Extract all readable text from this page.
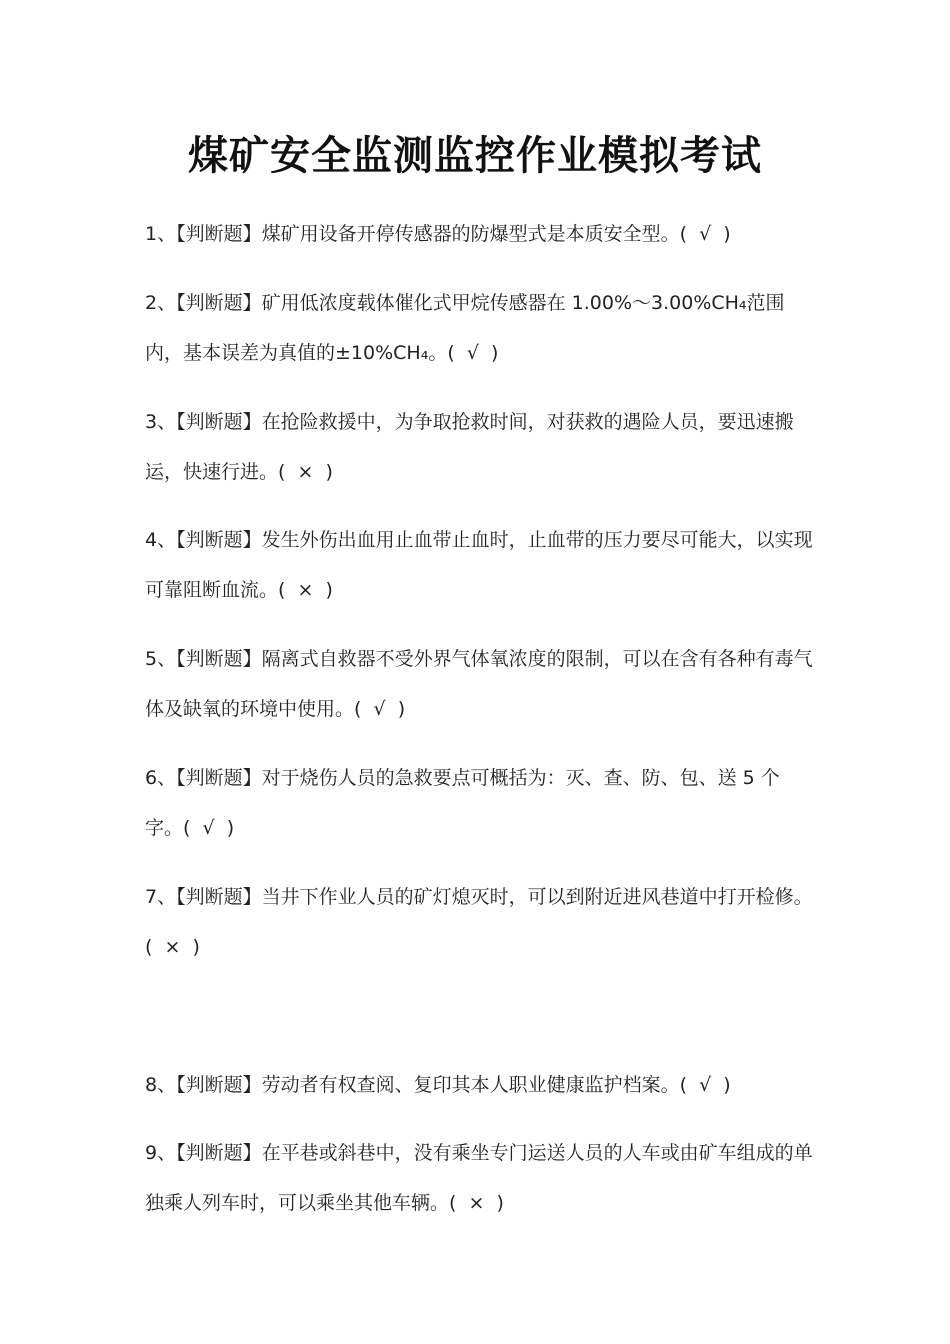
煤矿安全监测监控作业模拟考试
1、【判断题】煤矿用设备开停传感器的防爆型式是本质安全型。(  √  )
2、【判断题】矿用低浓度载体催化式甲烷传感器在 1.00%～3.00%CH₄范围内，基本误差为真值的±10%CH₄。(  √  )
3、【判断题】在抢险救援中，为争取抢救时间，对获救的遇险人员，要迅速搬运，快速行进。(  ×  )
4、【判断题】发生外伤出血用止血带止血时，止血带的压力要尽可能大，以实现可靠阻断血流。(  ×  )
5、【判断题】隔离式自救器不受外界气体氧浓度的限制，可以在含有各种有毒气体及缺氧的环境中使用。(  √  )
6、【判断题】对于烧伤人员的急救要点可概括为：灭、查、防、包、送 5 个字。(  √  )
7、【判断题】当井下作业人员的矿灯熄灭时，可以到附近进风巷道中打开检修。(  ×  )
8、【判断题】劳动者有权查阅、复印其本人职业健康监护档案。(  √  )
9、【判断题】在平巷或斜巷中，没有乘坐专门运送人员的人车或由矿车组成的单独乘人列车时，可以乘坐其他车辆。(  ×  )
